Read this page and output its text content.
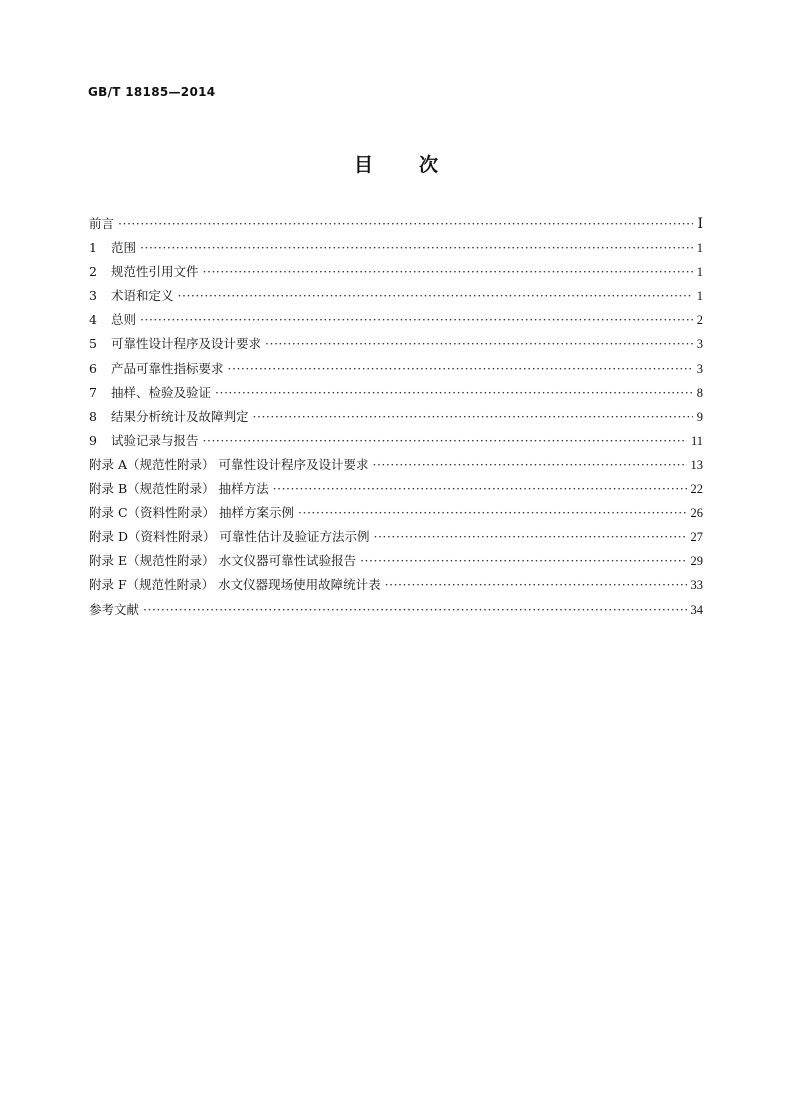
GB/T 18185—2014
目 次
前言 ·····	Ⅰ
1 范围 ·····	1
2 规范性引用文件 ·····	1
3 术语和定义 ·····	1
4 总则 ·····	2
5 可靠性设计程序及设计要求 ·····	3
6 产品可靠性指标要求 ·····	3
7 抽样、检验及验证 ·····	8
8 结果分析统计及故障判定 ·····	9
9 试验记录与报告 ·····	11
附录 A（规范性附录） 可靠性设计程序及设计要求 ·····	13
附录 B（规范性附录） 抽样方法 ·····	22
附录 C（资料性附录） 抽样方案示例 ·····	26
附录 D（资料性附录） 可靠性估计及验证方法示例 ·····	27
附录 E（规范性附录） 水文仪器可靠性试验报告 ·····	29
附录 F（规范性附录） 水文仪器现场使用故障统计表 ·····	33
参考文献 ·····	34
